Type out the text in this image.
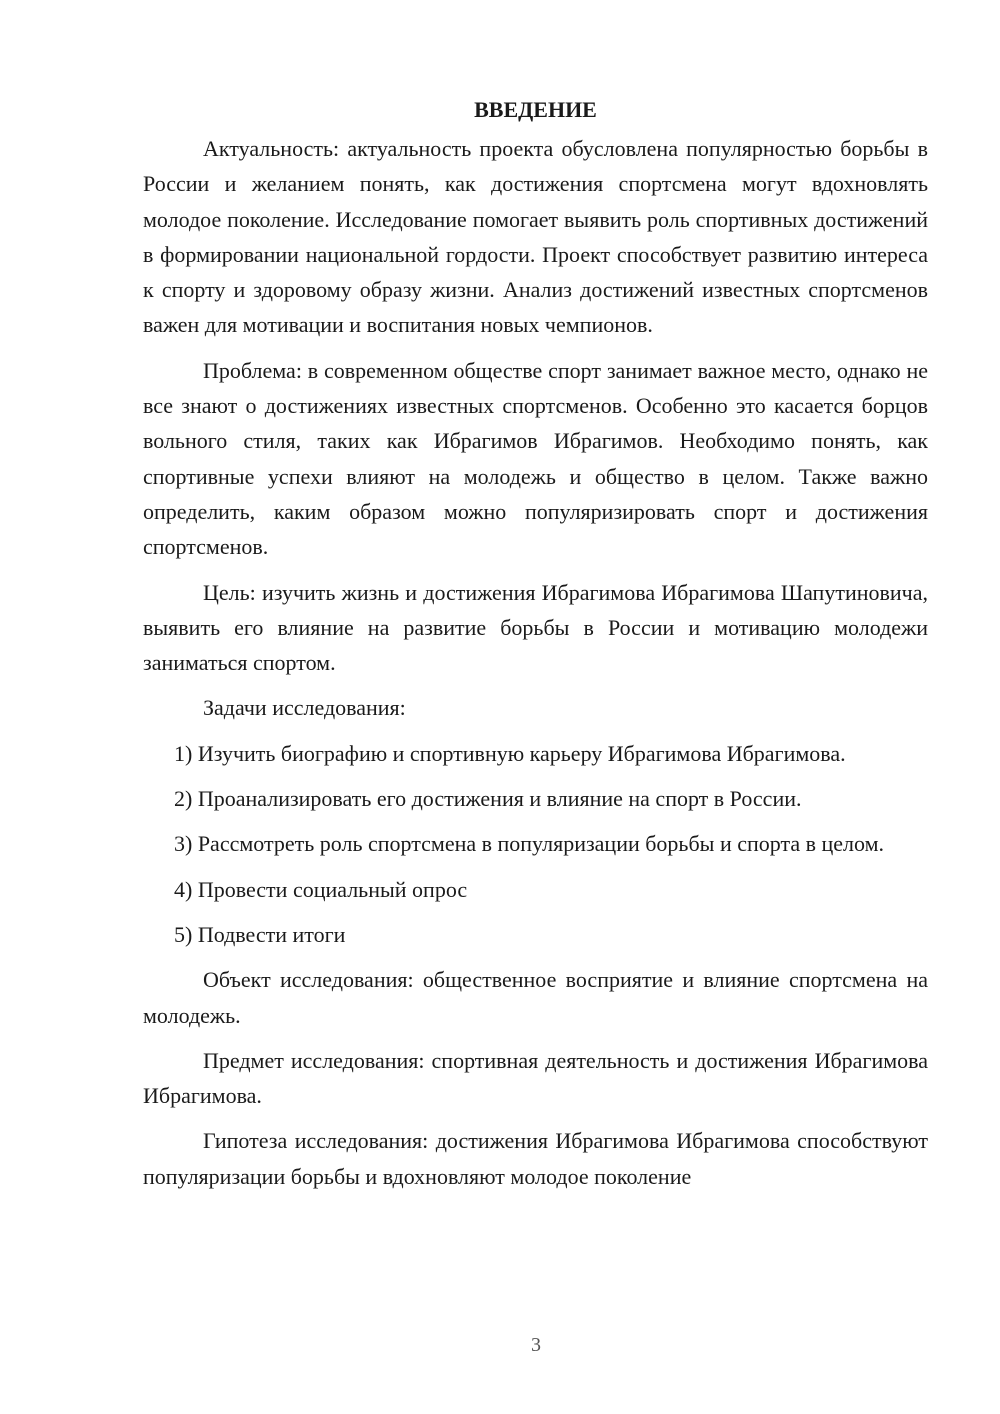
ВВЕДЕНИЕ

Актуальность: актуальность проекта обусловлена популярностью борьбы в России и желанием понять, как достижения спортсмена могут вдохновлять молодое поколение. Исследование помогает выявить роль спортивных достижений в формировании национальной гордости. Проект способствует развитию интереса к спорту и здоровому образу жизни. Анализ достижений известных спортсменов важен для мотивации и воспитания новых чемпионов.

Проблема: в современном обществе спорт занимает важное место, однако не все знают о достижениях известных спортсменов. Особенно это касается борцов вольного стиля, таких как Ибрагимов Ибрагимов. Необходимо понять, как спортивные успехи влияют на молодежь и общество в целом. Также важно определить, каким образом можно популяризировать спорт и достижения спортсменов.

Цель: изучить жизнь и достижения Ибрагимова Ибрагимова Шапутиновича, выявить его влияние на развитие борьбы в России и мотивацию молодежи заниматься спортом.

Задачи исследования:

1) Изучить биографию и спортивную карьеру Ибрагимова Ибрагимова.

2) Проанализировать его достижения и влияние на спорт в России.

3) Рассмотреть роль спортсмена в популяризации борьбы и спорта в целом.

4) Провести социальный опрос

5) Подвести итоги

Объект исследования: общественное восприятие и влияние спортсмена на молодежь.

Предмет исследования: спортивная деятельность и достижения Ибрагимова Ибрагимова.

Гипотеза исследования: достижения Ибрагимова Ибрагимова способствуют популяризации борьбы и вдохновляют молодое поколение

3
